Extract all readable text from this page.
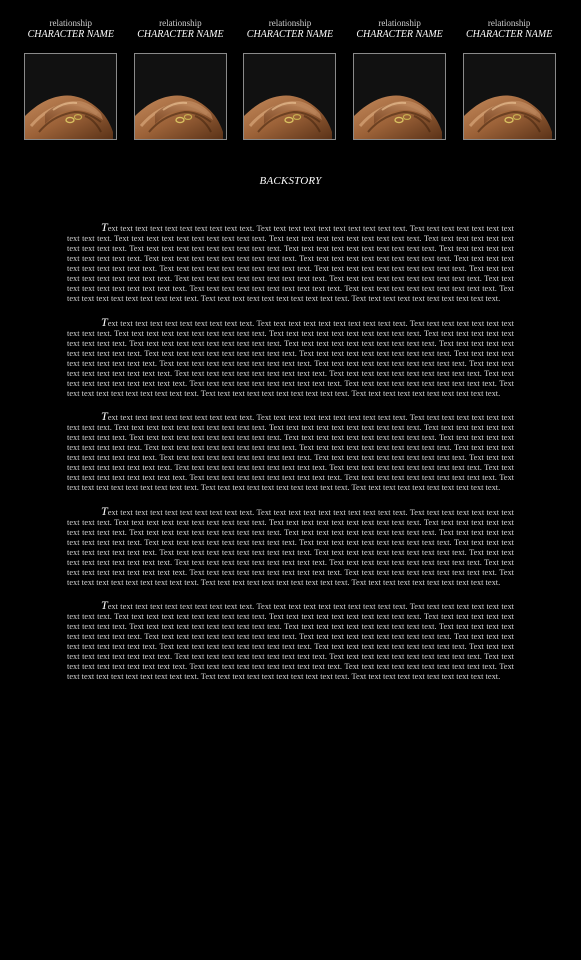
relationship
CHARACTER NAME
relationship
CHARACTER NAME
relationship
CHARACTER NAME
relationship
CHARACTER NAME
relationship
CHARACTER NAME
BACKSTORY

Text text text text text text text text text text. Text text text text text text text text text text. Text text text text text text text text text text. Text text text text text text text text text text. Text text text text text text text text text text. Text text text text text text text text text text. Text text text text text text text text text text. Text text text text text text text text text text. Text text text text text text text text text text. Text text text text text text text text text text. Text text text text text text text text text text. Text text text text text text text text text text. Text text text text text text text text text text. Text text text text text text text text text text. Text text text text text text text text text text. Text text text text text text text text text text. Text text text text text text text text text text. Text text text text text text text text text text. Text text text text text text text text text text. Text text text text text text text text text text. Text text text text text text text text text text. Text text text text text text text text text text. Text text text text text text text text text text.

Text text text text text text text text text text. Text text text text text text text text text text. Text text text text text text text text text text. Text text text text text text text text text text. Text text text text text text text text text text. Text text text text text text text text text text. Text text text text text text text text text text. Text text text text text text text text text text. Text text text text text text text text text text. Text text text text text text text text text text. Text text text text text text text text text text. Text text text text text text text text text text. Text text text text text text text text text text. Text text text text text text text text text text. Text text text text text text text text text text. Text text text text text text text text text text. Text text text text text text text text text text. Text text text text text text text text text text. Text text text text text text text text text text. Text text text text text text text text text text. Text text text text text text text text text text. Text text text text text text text text text text. Text text text text text text text text text text.

Text text text text text text text text text text. Text text text text text text text text text text. Text text text text text text text text text text. Text text text text text text text text text text. Text text text text text text text text text text. Text text text text text text text text text text. Text text text text text text text text text text. Text text text text text text text text text text. Text text text text text text text text text text. Text text text text text text text text text text. Text text text text text text text text text text. Text text text text text text text text text text. Text text text text text text text text text text. Text text text text text text text text text text. Text text text text text text text text text text. Text text text text text text text text text text. Text text text text text text text text text text. Text text text text text text text text text text. Text text text text text text text text text text. Text text text text text text text text text text. Text text text text text text text text text text. Text text text text text text text text text text. Text text text text text text text text text text.

Text text text text text text text text text text. Text text text text text text text text text text. Text text text text text text text text text text. Text text text text text text text text text text. Text text text text text text text text text text. Text text text text text text text text text text. Text text text text text text text text text text. Text text text text text text text text text text. Text text text text text text text text text text. Text text text text text text text text text text. Text text text text text text text text text text. Text text text text text text text text text text. Text text text text text text text text text text. Text text text text text text text text text text. Text text text text text text text text text text. Text text text text text text text text text text. Text text text text text text text text text text. Text text text text text text text text text text. Text text text text text text text text text text. Text text text text text text text text text text. Text text text text text text text text text text. Text text text text text text text text text text. Text text text text text text text text text text.

Text text text text text text text text text text. Text text text text text text text text text text. Text text text text text text text text text text. Text text text text text text text text text text. Text text text text text text text text text text. Text text text text text text text text text text. Text text text text text text text text text text. Text text text text text text text text text text. Text text text text text text text text text text. Text text text text text text text text text text. Text text text text text text text text text text. Text text text text text text text text text text. Text text text text text text text text text text. Text text text text text text text text text text. Text text text text text text text text text text. Text text text text text text text text text text. Text text text text text text text text text text. Text text text text text text text text text text. Text text text text text text text text text text. Text text text text text text text text text text. Text text text text text text text text text text. Text text text text text text text text text text. Text text text text text text text text text text.
